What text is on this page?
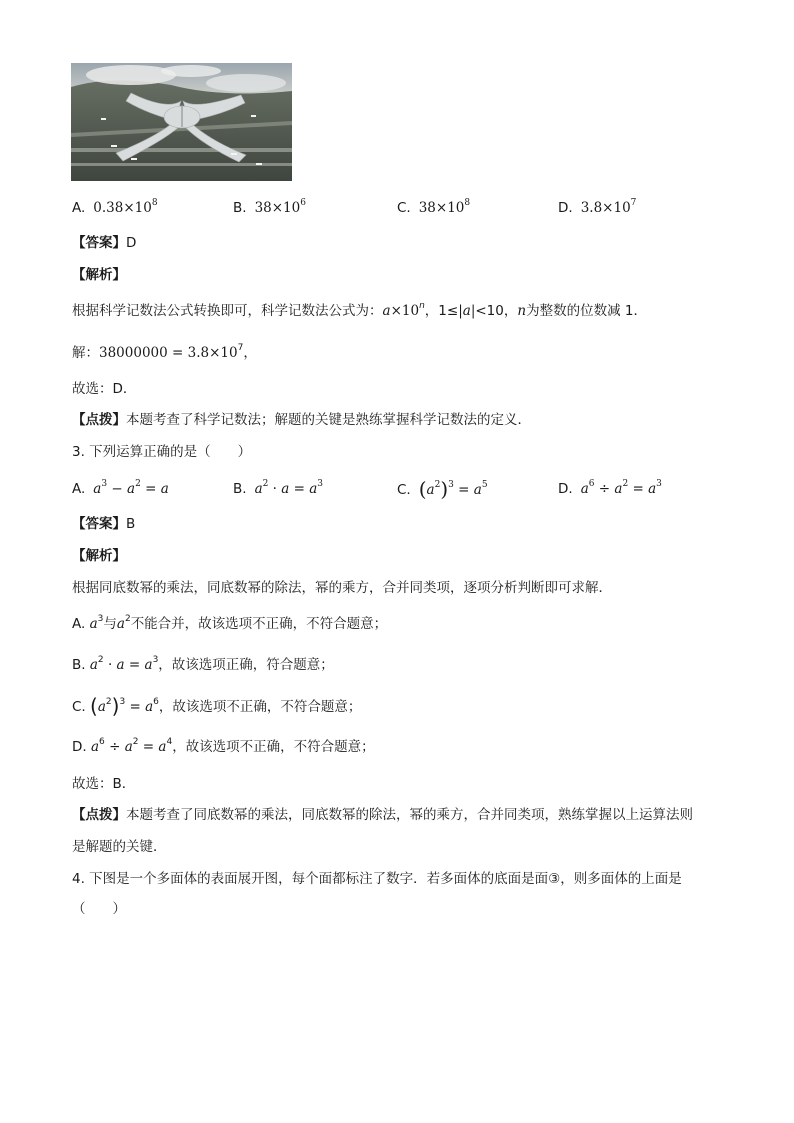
A. $0.38\times 10^8$	B. $38\times 10^6$	C. $38\times 10^8$	D. $3.8\times 10^7$
【答案】D
【解析】
根据科学记数法公式转换即可，科学记数法公式为：$a\times 10^n$，1≤|a|<10，n为整数的位数减 1．
解：$38000000 = 3.8\times 10^7$，
故选：D．
【点拨】本题考查了科学记数法；解题的关键是熟练掌握科学记数法的定义．
3. 下列运算正确的是（　　）
A. $a^3 - a^2 = a$	B. $a^2 \cdot a = a^3$	C. $(a^2)^3 = a^5$	D. $a^6 \div a^2 = a^3$
【答案】B
【解析】
根据同底数幂的乘法，同底数幂的除法，幂的乘方，合并同类项，逐项分析判断即可求解．
A. $a^3$与$a^2$不能合并，故该选项不正确，不符合题意；
B. $a^2 \cdot a = a^3$，故该选项正确，符合题意；
C. $(a^2)^3 = a^6$，故该选项不正确，不符合题意；
D. $a^6 \div a^2 = a^4$，故该选项不正确，不符合题意；
故选：B．
【点拨】本题考查了同底数幂的乘法，同底数幂的除法，幂的乘方，合并同类项，熟练掌握以上运算法则
是解题的关键．
4. 下图是一个多面体的表面展开图，每个面都标注了数字．若多面体的底面是面③，则多面体的上面是
（　　）
